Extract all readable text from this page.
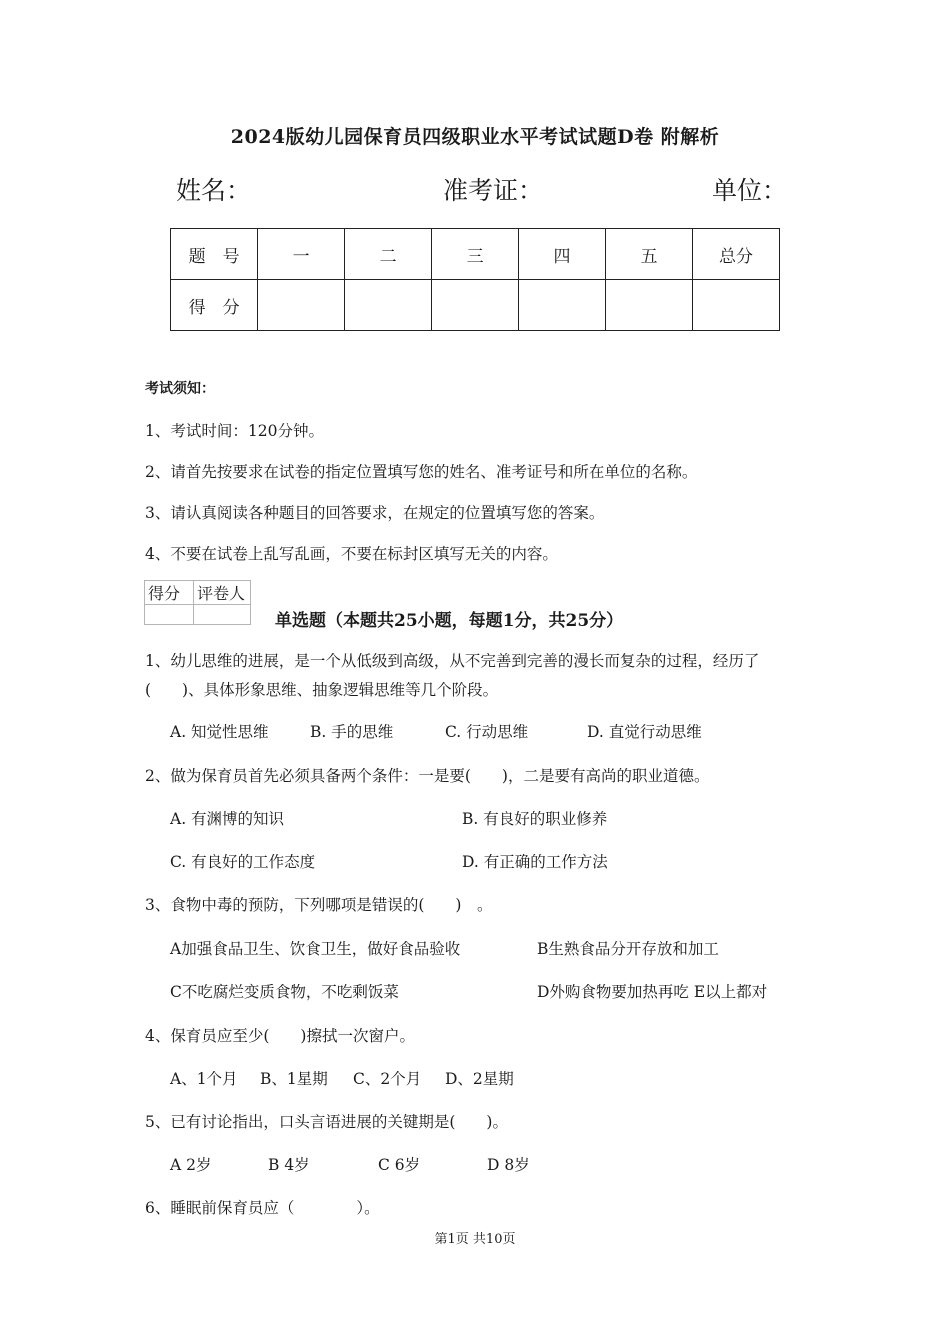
2024版幼儿园保育员四级职业水平考试试题D卷 附解析
姓名：	准考证：	单位：
题　号	一	二	三	四	五	总分
得　分						
考试须知：
1、考试时间：120分钟。
2、请首先按要求在试卷的指定位置填写您的姓名、准考证号和所在单位的名称。
3、请认真阅读各种题目的回答要求，在规定的位置填写您的答案。
4、不要在试卷上乱写乱画，不要在标封区填写无关的内容。
得分	评卷人

单选题（本题共25小题，每题1分，共25分）
1、幼儿思维的进展，是一个从低级到高级，从不完善到完善的漫长而复杂的过程，经历了
(　　)、具体形象思维、抽象逻辑思维等几个阶段。
A. 知觉性思维	B. 手的思维	C. 行动思维	D. 直觉行动思维
2、做为保育员首先必须具备两个条件：一是要(　　)，二是要有高尚的职业道德。
A. 有渊博的知识	B. 有良好的职业修养
C. 有良好的工作态度	D. 有正确的工作方法
3、食物中毒的预防，下列哪项是错误的(　　)　。
A加强食品卫生、饮食卫生，做好食品验收	B生熟食品分开存放和加工
C不吃腐烂变质食物，不吃剩饭菜	D外购食物要加热再吃 E以上都对
4、保育员应至少(　　)擦拭一次窗户。
A、1个月 B、1星期 C、2个月 D、2星期
5、已有讨论指出，口头言语进展的关键期是(　　)。
A 2岁	B 4岁	C 6岁	D 8岁
6、睡眠前保育员应（　　　　）。
第1页 共10页
